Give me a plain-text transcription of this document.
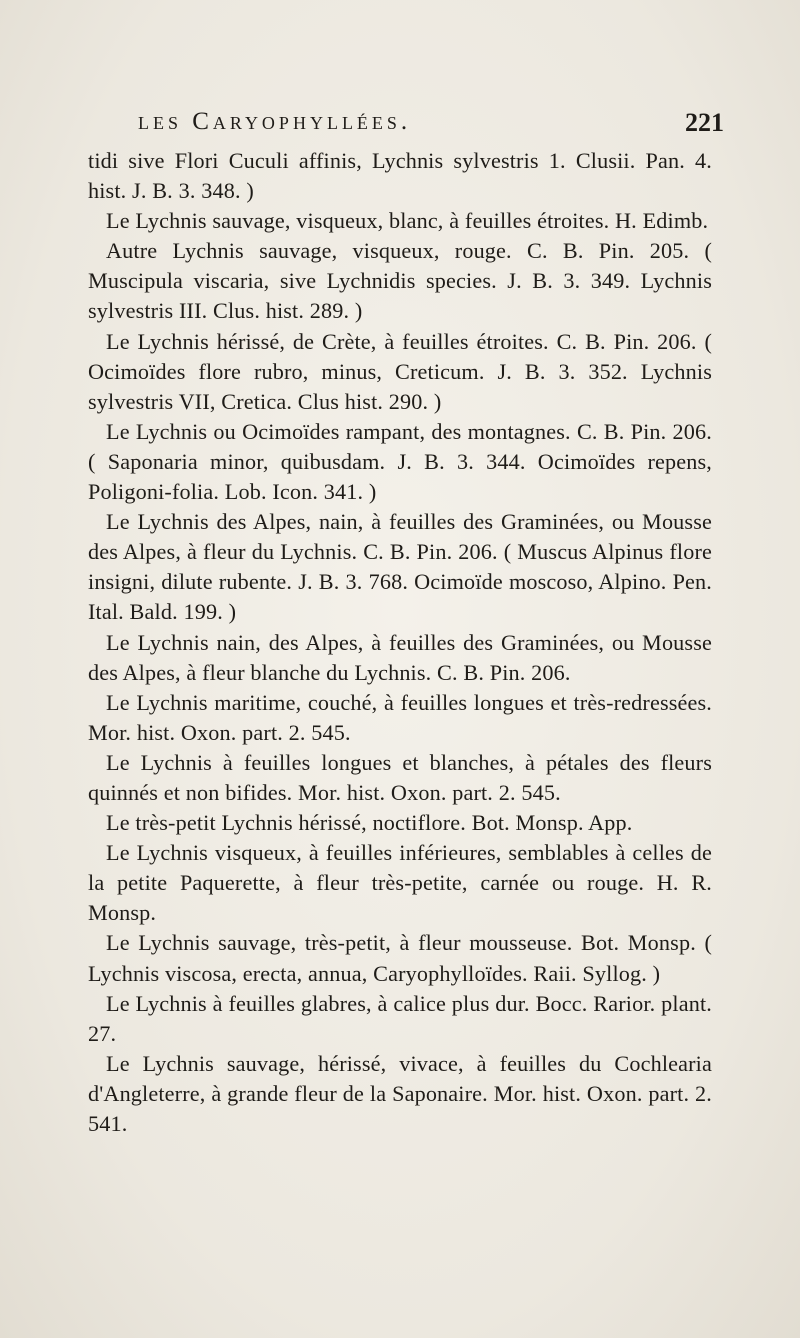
les Caryophyllées.	221

tidi sive Flori Cuculi affinis, Lychnis sylvestris 1. Clusii. Pan. 4. hist. J. B. 3. 348. )

Le Lychnis sauvage, visqueux, blanc, à feuilles étroites. H. Edimb.

Autre Lychnis sauvage, visqueux, rouge. C. B. Pin. 205. ( Muscipula viscaria, sive Lychnidis species. J. B. 3. 349. Lychnis sylvestris III. Clus. hist. 289. )

Le Lychnis hérissé, de Crète, à feuilles étroites. C. B. Pin. 206. ( Ocimoïdes flore rubro, minus, Creticum. J. B. 3. 352. Lychnis sylvestris VII, Cretica. Clus hist. 290. )

Le Lychnis ou Ocimoïdes rampant, des montagnes. C. B. Pin. 206. ( Saponaria minor, quibusdam. J. B. 3. 344. Ocimoïdes repens, Poligoni-folia. Lob. Icon. 341. )

Le Lychnis des Alpes, nain, à feuilles des Graminées, ou Mousse des Alpes, à fleur du Lychnis. C. B. Pin. 206. ( Muscus Alpinus flore insigni, dilute rubente. J. B. 3. 768. Ocimoïde moscoso, Alpino. Pen. Ital. Bald. 199. )

Le Lychnis nain, des Alpes, à feuilles des Graminées, ou Mousse des Alpes, à fleur blanche du Lychnis. C. B. Pin. 206.

Le Lychnis maritime, couché, à feuilles longues et très-redressées. Mor. hist. Oxon. part. 2. 545.

Le Lychnis à feuilles longues et blanches, à pétales des fleurs quinnés et non bifides. Mor. hist. Oxon. part. 2. 545.

Le très-petit Lychnis hérissé, noctiflore. Bot. Monsp. App.

Le Lychnis visqueux, à feuilles inférieures, semblables à celles de la petite Paquerette, à fleur très-petite, carnée ou rouge. H. R. Monsp.

Le Lychnis sauvage, très-petit, à fleur mousseuse. Bot. Monsp. ( Lychnis viscosa, erecta, annua, Caryophylloïdes. Raii. Syllog. )

Le Lychnis à feuilles glabres, à calice plus dur. Bocc. Rarior. plant. 27.

Le Lychnis sauvage, hérissé, vivace, à feuilles du Cochlearia d'Angleterre, à grande fleur de la Saponaire. Mor. hist. Oxon. part. 2. 541.
